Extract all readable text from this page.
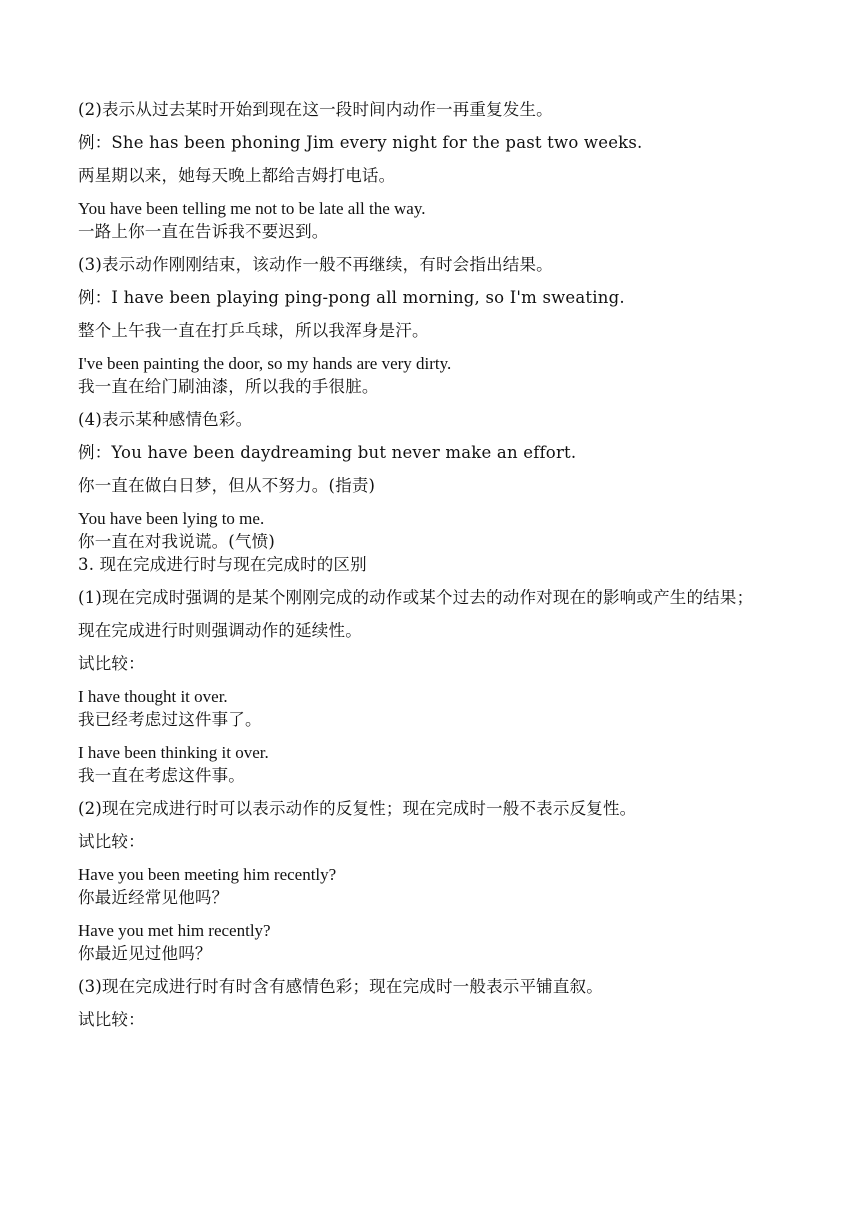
(2)表示从过去某时开始到现在这一段时间内动作一再重复发生。
例：She has been phoning Jim every night for the past two weeks.
两星期以来，她每天晚上都给吉姆打电话。
You have been telling me not to be late all the way.
一路上你一直在告诉我不要迟到。
(3)表示动作刚刚结束，该动作一般不再继续，有时会指出结果。
例：I have been playing ping-pong all morning, so I'm sweating.
整个上午我一直在打乒乓球，所以我浑身是汗。
I've been painting the door, so my hands are very dirty.
我一直在给门刷油漆，所以我的手很脏。
(4)表示某种感情色彩。
例：You have been daydreaming but never make an effort.
你一直在做白日梦，但从不努力。(指责)
You have been lying to me.
你一直在对我说谎。(气愤)
3. 现在完成进行时与现在完成时的区别
(1)现在完成时强调的是某个刚刚完成的动作或某个过去的动作对现在的影响或产生的结果；
现在完成进行时则强调动作的延续性。
试比较：
I have thought it over.
我已经考虑过这件事了。
I have been thinking it over.
我一直在考虑这件事。
(2)现在完成进行时可以表示动作的反复性；现在完成时一般不表示反复性。
试比较：
Have you been meeting him recently?
你最近经常见他吗？
Have you met him recently?
你最近见过他吗？
(3)现在完成进行时有时含有感情色彩；现在完成时一般表示平铺直叙。
试比较：
